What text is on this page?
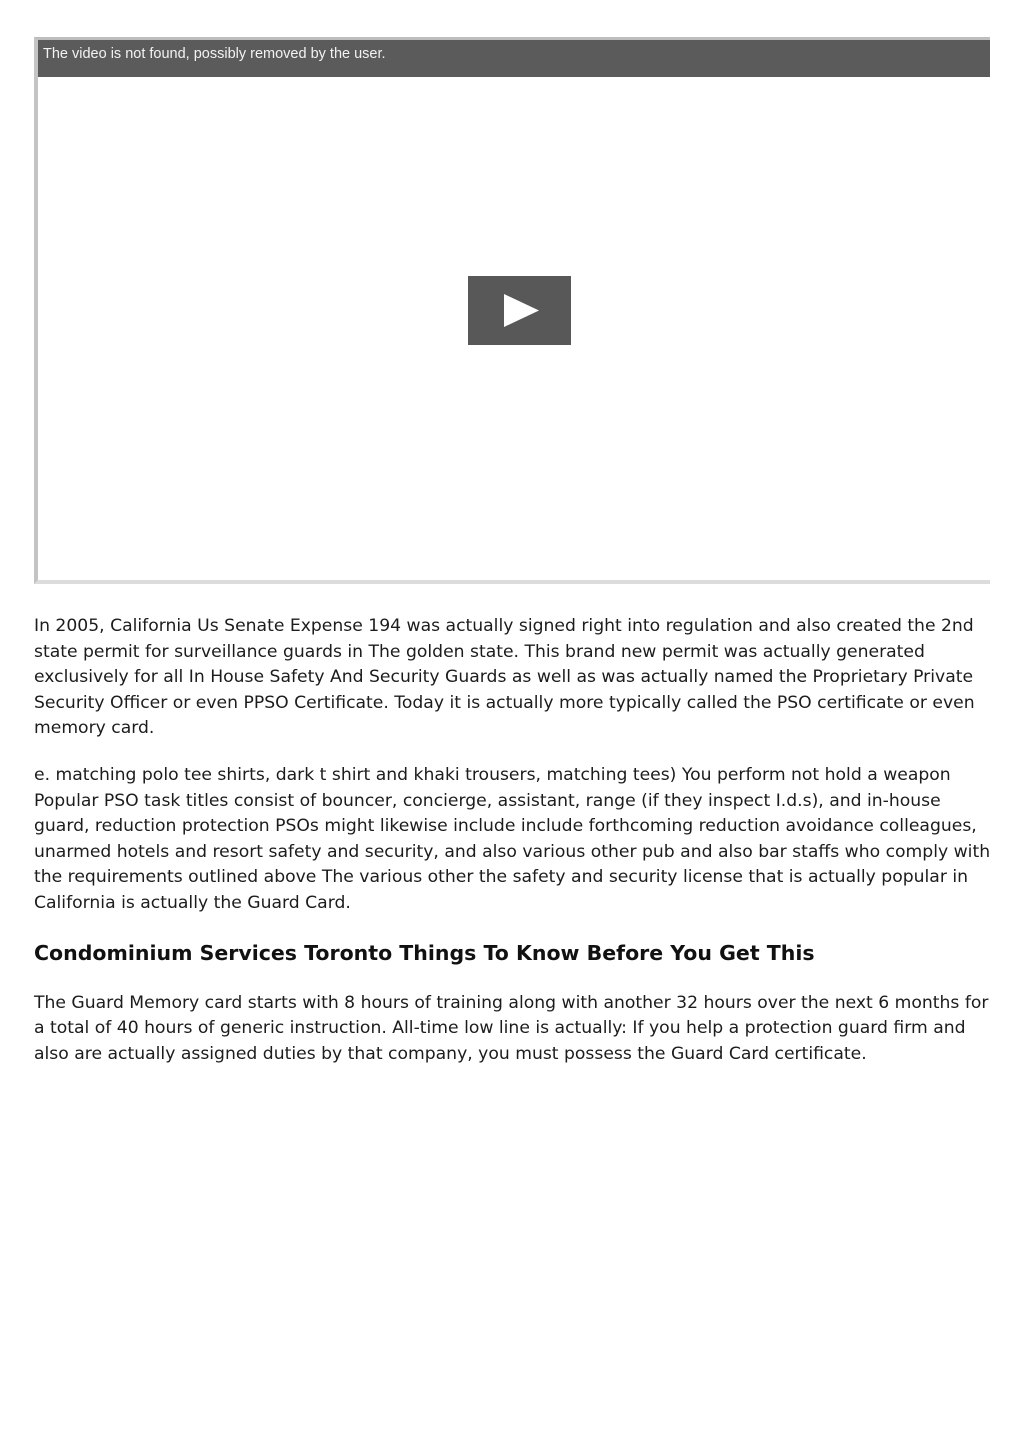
The video is not found, possibly removed by the user.

In 2005, California Us Senate Expense 194 was actually signed right into regulation and also created the 2nd state permit for surveillance guards in The golden state. This brand new permit was actually generated exclusively for all In House Safety And Security Guards as well as was actually named the Proprietary Private Security Officer or even PPSO Certificate. Today it is actually more typically called the PSO certificate or even memory card.

e. matching polo tee shirts, dark t shirt and khaki trousers, matching tees) You perform not hold a weapon Popular PSO task titles consist of bouncer, concierge, assistant, range (if they inspect I.d.s), and in-house guard, reduction protection PSOs might likewise include include forthcoming reduction avoidance colleagues, unarmed hotels and resort safety and security, and also various other pub and also bar staffs who comply with the requirements outlined above The various other the safety and security license that is actually popular in California is actually the Guard Card.

Condominium Services Toronto Things To Know Before You Get This

The Guard Memory card starts with 8 hours of training along with another 32 hours over the next 6 months for a total of 40 hours of generic instruction. All-time low line is actually: If you help a protection guard firm and also are actually assigned duties by that company, you must possess the Guard Card certificate.
